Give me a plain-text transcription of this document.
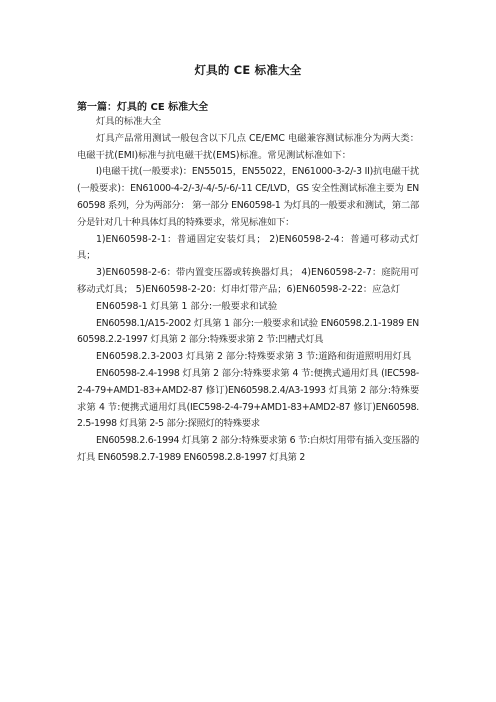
灯具的 CE 标准大全
第一篇：灯具的 CE 标准大全

灯具的标准大全

灯具产品常用测试一般包含以下几点 CE/EMC 电磁兼容测试标准分为两大类：电磁干扰(EMI)标准与抗电磁干扰(EMS)标准。常见测试标准如下：

I)电磁干扰(一般要求)：EN55015，EN55022，EN61000-3-2/-3 II)抗电磁干扰(一般要求)：EN61000-4-2/-3/-4/-5/-6/-11 CE/LVD，GS 安全性测试标准主要为 EN60598 系列，分为两部分： 第一部分 EN60598-1 为灯具的一般要求和测试，第二部分是针对几十种具体灯具的特殊要求，常见标准如下：

1)EN60598-2-1：普通固定安装灯具； 2)EN60598-2-4：普通可移动式灯具；

3)EN60598-2-6：带内置变压器或转换器灯具； 4)EN60598-2-7：庭院用可移动式灯具； 5)EN60598-2-20：灯串灯带产品；6)EN60598-2-22：应急灯

EN60598-1 灯具第 1 部分:一般要求和试验

EN60598.1/A15-2002 灯具第 1 部分:一般要求和试验 EN60598.2.1-1989 EN60598.2.2-1997 灯具第 2 部分:特殊要求第 2 节:凹槽式灯具

EN60598.2.3-2003 灯具第 2 部分:特殊要求第 3 节:道路和街道照明用灯具

EN60598-2.4-1998 灯具第 2 部分:特殊要求第 4 节:便携式通用灯具 (IEC598-2-4-79+AMD1-83+AMD2-87 修订)EN60598.2.4/A3-1993 灯具第 2 部分:特殊要求第 4 节:便携式通用灯具(IEC598-2-4-79+AMD1-83+AMD2-87 修订)EN60598.2.5-1998 灯具第 2-5 部分:探照灯的特殊要求

EN60598.2.6-1994 灯具第 2 部分:特殊要求第 6 节:白炽灯用带有插入变压器的灯具 EN60598.2.7-1989 EN60598.2.8-1997 灯具第 2
